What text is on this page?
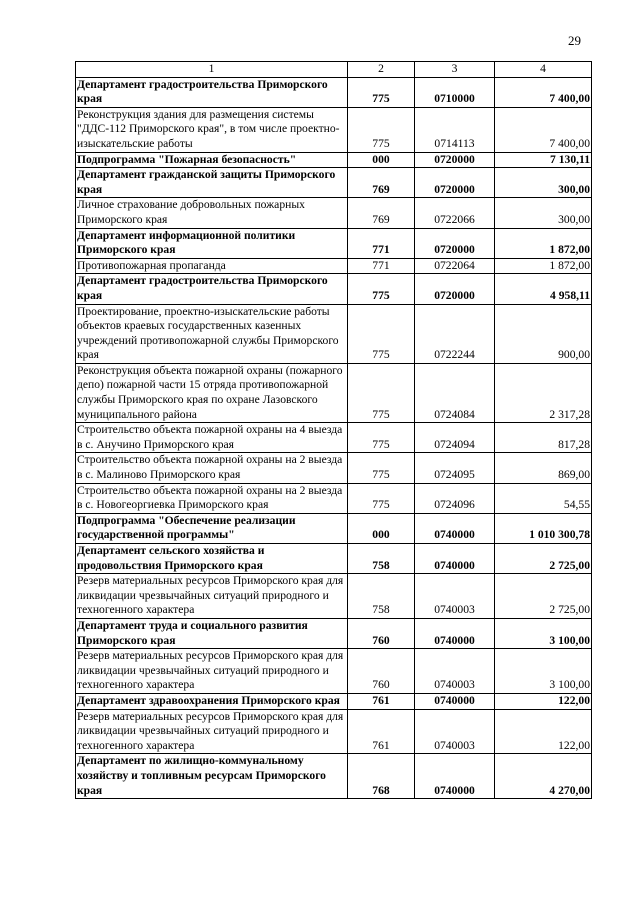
29
1	2	3	4
Департамент градостроительства Приморского края	775	0710000	7 400,00
Реконструкция здания для размещения системы "ДДС-112 Приморского края", в том числе проектно-изыскательские работы	775	0714113	7 400,00
Подпрограмма "Пожарная безопасность"	000	0720000	7 130,11
Департамент гражданской защиты Приморского края	769	0720000	300,00
Личное страхование добровольных пожарных Приморского края	769	0722066	300,00
Департамент информационной политики Приморского края	771	0720000	1 872,00
Противопожарная пропаганда	771	0722064	1 872,00
Департамент градостроительства Приморского края	775	0720000	4 958,11
Проектирование, проектно-изыскательские работы объектов краевых государственных казенных учреждений противопожарной службы Приморского края	775	0722244	900,00
Реконструкция объекта пожарной охраны (пожарного депо) пожарной части 15 отряда противопожарной службы Приморского края по охране Лазовского муниципального района	775	0724084	2 317,28
Строительство объекта пожарной охраны на 4 выезда в с. Анучино Приморского края	775	0724094	817,28
Строительство объекта пожарной охраны на 2 выезда в с. Малиново Приморского края	775	0724095	869,00
Строительство объекта пожарной охраны на 2 выезда в с. Новогеоргиевка Приморского края	775	0724096	54,55
Подпрограмма "Обеспечение реализации государственной программы"	000	0740000	1 010 300,78
Департамент сельского хозяйства и продовольствия Приморского края	758	0740000	2 725,00
Резерв материальных ресурсов Приморского края для ликвидации чрезвычайных ситуаций природного и техногенного характера	758	0740003	2 725,00
Департамент труда и социального развития Приморского края	760	0740000	3 100,00
Резерв материальных ресурсов Приморского края для ликвидации чрезвычайных ситуаций природного и техногенного характера	760	0740003	3 100,00
Департамент здравоохранения Приморского края	761	0740000	122,00
Резерв материальных ресурсов Приморского края для ликвидации чрезвычайных ситуаций природного и техногенного характера	761	0740003	122,00
Департамент по жилищно-коммунальному хозяйству и топливным ресурсам Приморского края	768	0740000	4 270,00
